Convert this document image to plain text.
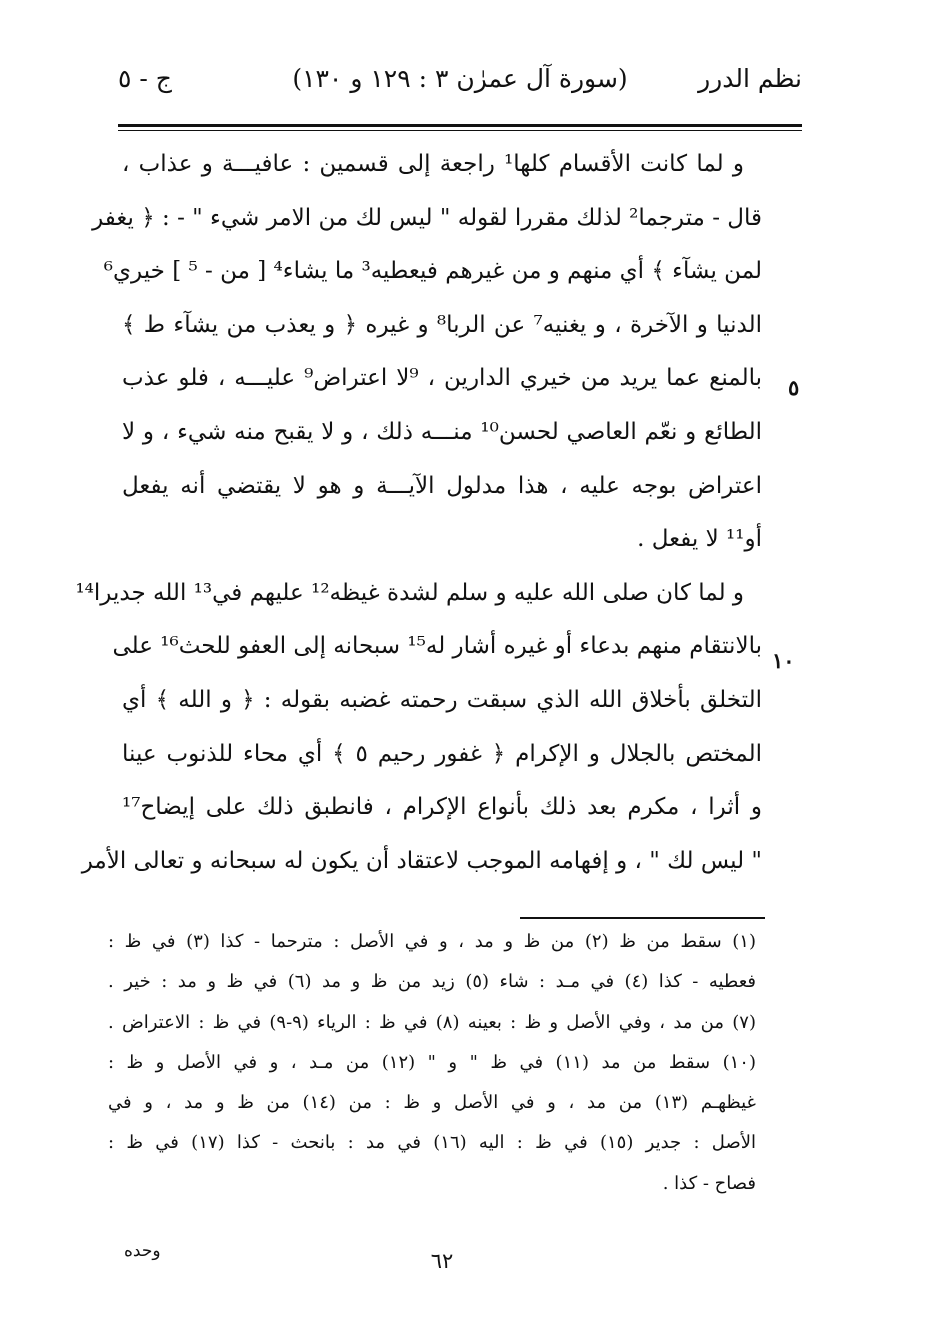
نظم الدرر
(سورة آل عمرٰن ٣ : ١٢٩ و ١٣٠)
ج - ٥
و لما كانت الأقسام كلها¹ راجعة إلى قسمين : عافيـــة و عذاب ،
قال - مترجما² لذلك مقررا لقوله " ليس لك من الامر شيء " - : ﴿ يغفر
لمن يشآء ﴾ أي منهم و من غيرهم فيعطيه³ ما يشاء⁴ [ من - ⁵ ] خيري⁶
الدنيا و الآخرة ، و يغنيه⁷ عن الربا⁸ و غيره ﴿ و يعذب من يشآء ط ﴾
بالمنع عما يريد من خيري الدارين ، ⁹لا اعتراض⁹ عليـــه ، فلو عذب
الطائع و نعّم العاصي لحسن¹⁰ منـــه ذلك ، و لا يقبح منه شيء ، و لا
اعتراض بوجه عليه ، هذا مدلول الآيـــة و هو لا يقتضي أنه يفعل
أو¹¹ لا يفعل .
و لما كان صلى الله عليه و سلم لشدة غيظه¹² عليهم في¹³ الله جديرا¹⁴
بالانتقام منهم بدعاء أو غيره أشار له¹⁵ سبحانه إلى العفو للحث¹⁶ على
التخلق بأخلاق الله الذي سبقت رحمته غضبه بقوله : ﴿ و الله ﴾ أي
المختص بالجلال و الإكرام ﴿ غفور رحيم ٥ ﴾ أي محاء للذنوب عينا
و أثرا ، مكرم بعد ذلك بأنواع الإكرام ، فانطبق ذلك على إيضاح¹⁷
" ليس لك " ، و إفهامه الموجب لاعتقاد أن يكون له سبحانه و تعالى الأمر
٥
١٠
(١) سقط من ظ (٢) من ظ و مد ، و في الأصل : مترحما - كذا (٣) في ظ :
فعطيه - كذا (٤) في مـد : شاء (٥) زيد من ظ و مد (٦) في ظ و مد : خير .
(٧) من مد ، وفي الأصل و ظ : بعينه (٨) في ظ : الرياء (٩-٩) في ظ : الاعتراض .
(١٠) سقط من مد (١١) في ظ " و " (١٢) من مـد ، و في الأصل و ظ :
غيظهـم (١٣) من مد ، و في الأصل و ظ : من (١٤) من ظ و مد ، و في
الأصل : جدير (١٥) في ظ : اليه (١٦) في مد : بانحث - كذا (١٧) في ظ :
فصاح - كذا .
وحده	٦٢
